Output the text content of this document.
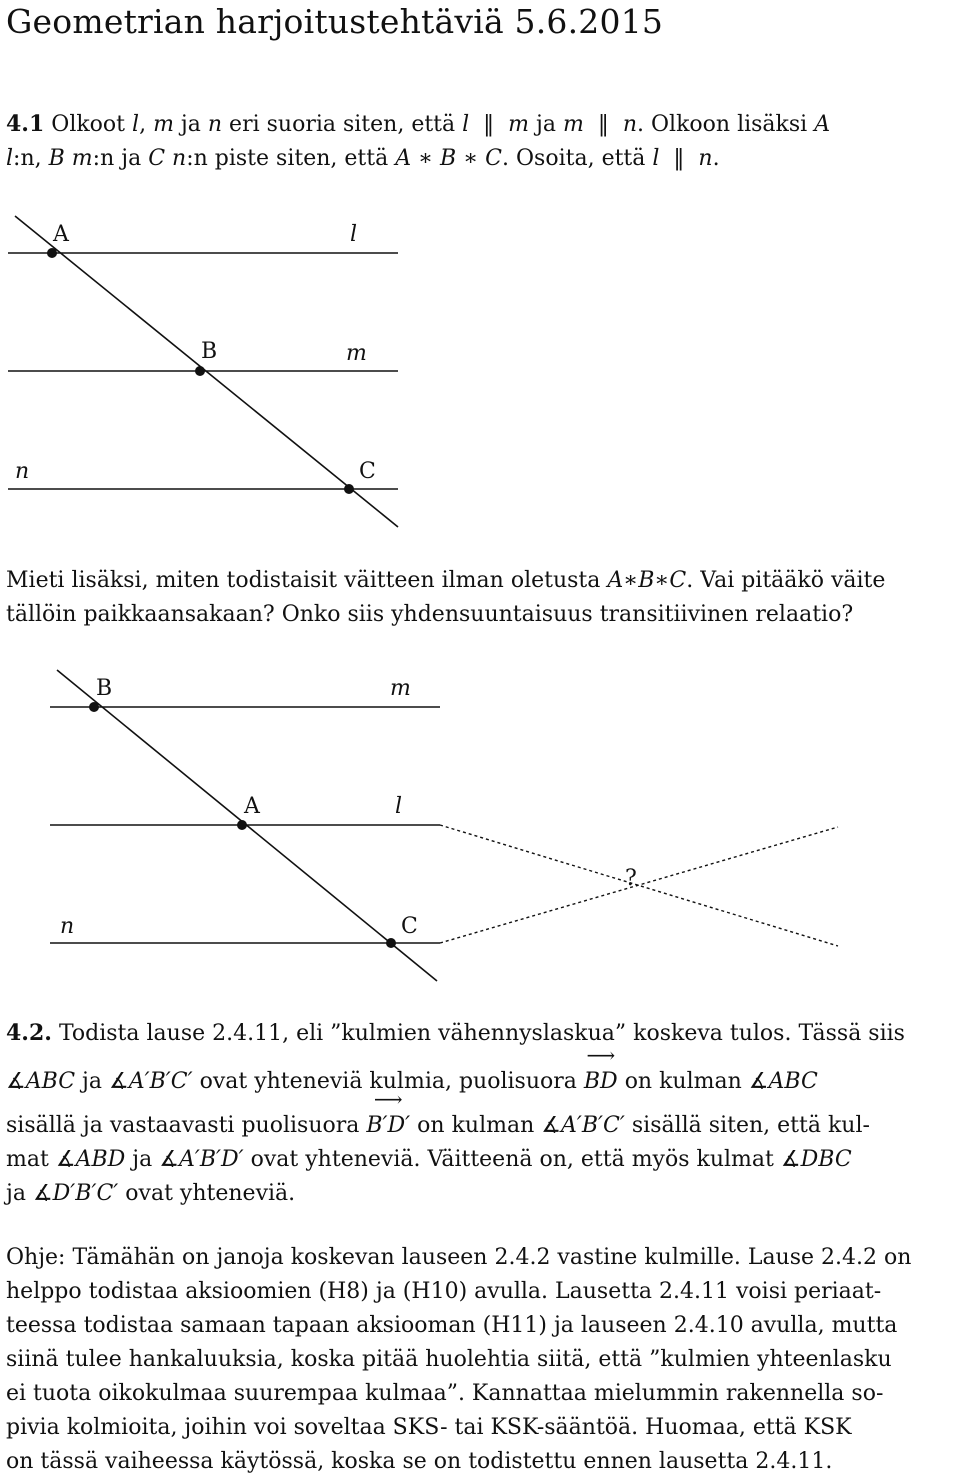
Geometrian harjoitustehtäviä 5.6.2015
4.1 Olkoot l, m ja n eri suoria siten, että l  ‖  m ja m  ‖  n. Olkoon lisäksi A
l:n, B m:n ja C n:n piste siten, että A ∗ B ∗ C. Osoita, että l  ‖  n.
A
B
C
l
m
n
B
A
C
m
l
n
?
Mieti lisäksi, miten todistaisit väitteen ilman oletusta A∗B∗C. Vai pitääkö väite
tällöin paikkaansakaan? Onko siis yhdensuuntaisuus transitiivinen relaatio?
4.2. Todista lause 2.4.11, eli ”kulmien vähennyslaskua” koskeva tulos. Tässä siis
∡ABC ja ∡A′B′C′ ovat yhteneviä kulmia, puolisuora ⟶ BD on kulman ∡ABC
sisällä ja vastaavasti puolisuora ⟶ B′D′ on kulman ∡A′B′C′ sisällä siten, että kul-
mat ∡ABD ja ∡A′B′D′ ovat yhteneviä. Väitteenä on, että myös kulmat ∡DBC
ja ∡D′B′C′ ovat yhteneviä.
Ohje: Tämähän on janoja koskevan lauseen 2.4.2 vastine kulmille. Lause 2.4.2 on
helppo todistaa aksioomien (H8) ja (H10) avulla. Lausetta 2.4.11 voisi periaat-
teessa todistaa samaan tapaan aksiooman (H11) ja lauseen 2.4.10 avulla, mutta
siinä tulee hankaluuksia, koska pitää huolehtia siitä, että ”kulmien yhteenlasku
ei tuota oikokulmaa suurempaa kulmaa”. Kannattaa mielummin rakennella so-
pivia kolmioita, joihin voi soveltaa SKS- tai KSK-sääntöä. Huomaa, että KSK
on tässä vaiheessa käytössä, koska se on todistettu ennen lausetta 2.4.11.
